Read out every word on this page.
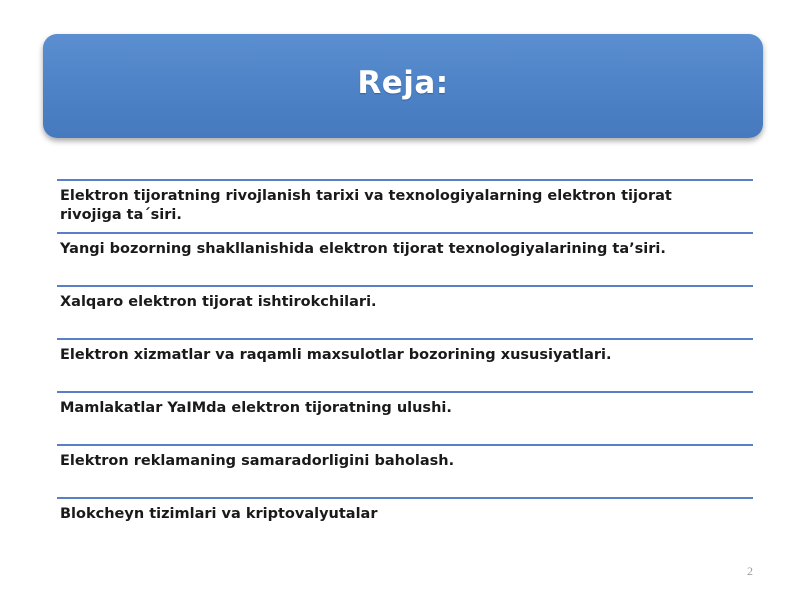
Reja:
Elektron tijoratning rivojlanish tarixi va texnologiyalarning elektron tijorat rivojiga ta´siri.
Yangi bozorning shakllanishida elektron tijorat texnologiyalarining ta’siri.
Xalqaro elektron tijorat ishtirokchilari.
Elektron xizmatlar va raqamli maxsulotlar bozorining xususiyatlari.
Mamlakatlar YaIMda elektron tijoratning ulushi.
Elektron reklamaning samaradorligini baholash.
Blokcheyn tizimlari va kriptovalyutalar
2
